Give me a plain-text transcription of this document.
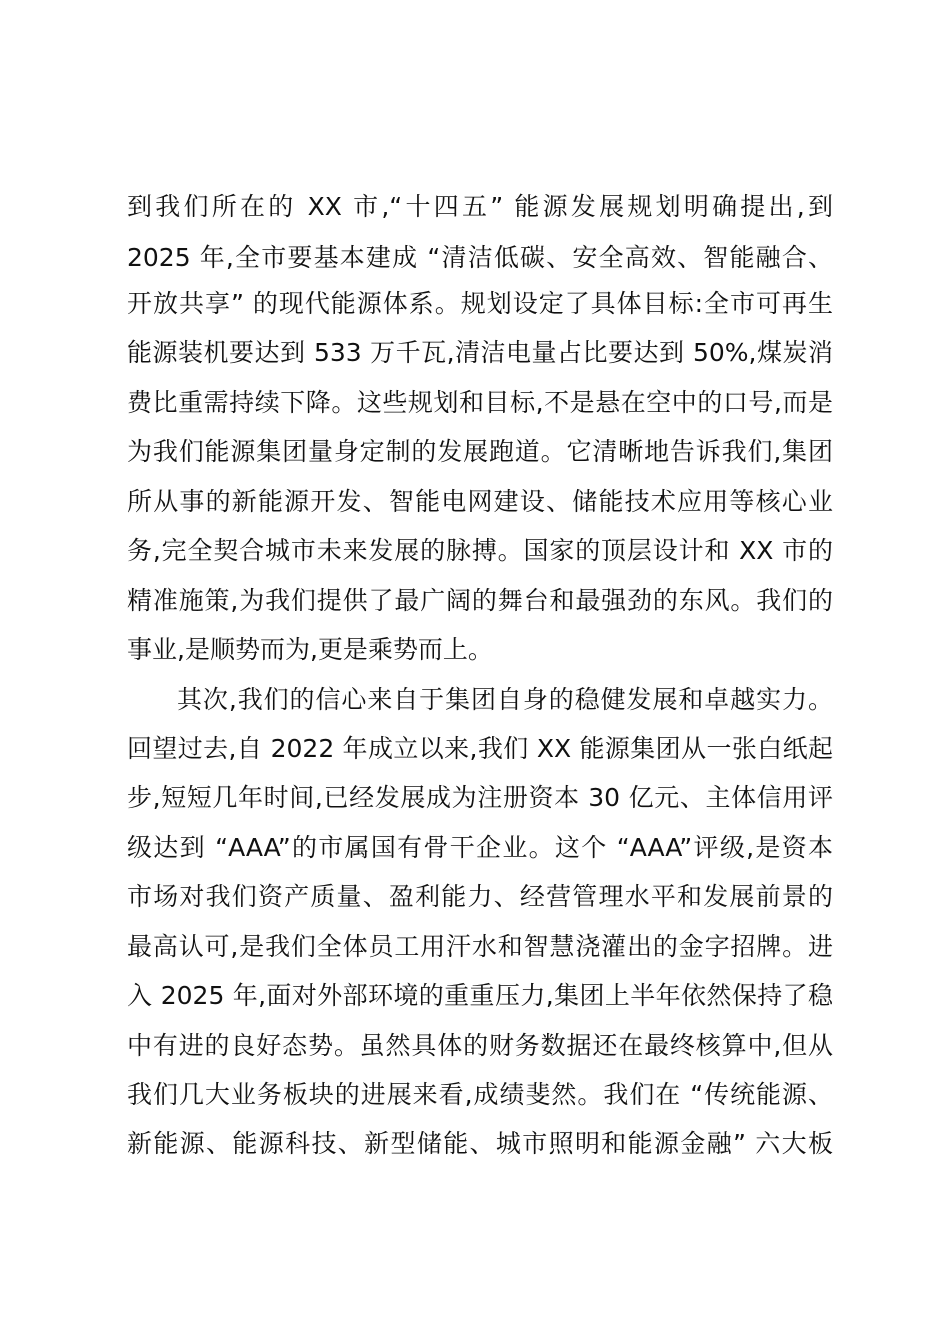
到我们所在的 XX 市,“十四五” 能源发展规划明确提出,到
2025 年,全市要基本建成 “清洁低碳、安全高效、智能融合、
开放共享” 的现代能源体系。规划设定了具体目标:全市可再生
能源装机要达到 533 万千瓦,清洁电量占比要达到 50%,煤炭消
费比重需持续下降。这些规划和目标,不是悬在空中的口号,而是
为我们能源集团量身定制的发展跑道。它清晰地告诉我们,集团
所从事的新能源开发、智能电网建设、储能技术应用等核心业
务,完全契合城市未来发展的脉搏。国家的顶层设计和 XX 市的
精准施策,为我们提供了最广阔的舞台和最强劲的东风。我们的
事业,是顺势而为,更是乘势而上。
其次,我们的信心来自于集团自身的稳健发展和卓越实力。
回望过去,自 2022 年成立以来,我们 XX 能源集团从一张白纸起
步,短短几年时间,已经发展成为注册资本 30 亿元、主体信用评
级达到 “AAA”的市属国有骨干企业。这个 “AAA”评级,是资本
市场对我们资产质量、盈利能力、经营管理水平和发展前景的
最高认可,是我们全体员工用汗水和智慧浇灌出的金字招牌。进
入 2025 年,面对外部环境的重重压力,集团上半年依然保持了稳
中有进的良好态势。虽然具体的财务数据还在最终核算中,但从
我们几大业务板块的进展来看,成绩斐然。我们在 “传统能源、
新能源、能源科技、新型储能、城市照明和能源金融” 六大板
